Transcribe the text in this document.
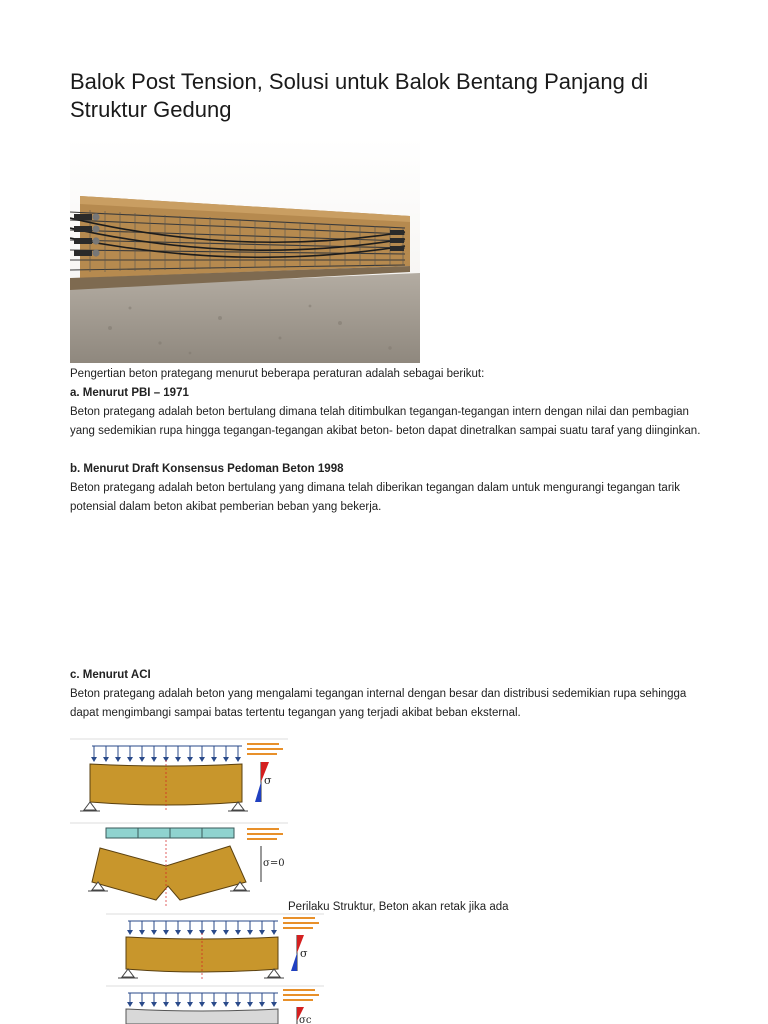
Balok Post Tension, Solusi untuk Balok Bentang Panjang di Struktur Gedung
Pengertian beton prategang menurut beberapa peraturan adalah sebagai berikut:
a. Menurut PBI – 1971
Beton prategang adalah beton bertulang dimana telah ditimbulkan tegangan-tegangan intern dengan nilai dan pembagian yang sedemikian rupa hingga tegangan-tegangan akibat beton- beton dapat dinetralkan sampai suatu taraf yang diinginkan.
b. Menurut Draft Konsensus Pedoman Beton 1998
Beton prategang adalah beton bertulang yang dimana telah diberikan tegangan dalam untuk mengurangi tegangan tarik potensial dalam beton akibat pemberian beban yang bekerja.
c. Menurut ACI
Beton prategang adalah beton yang mengalami tegangan internal dengan besar dan distribusi sedemikian rupa sehingga dapat mengimbangi sampai batas tertentu tegangan yang terjadi akibat beban eksternal.
σ
σ=0
Perilaku Struktur, Beton akan retak jika ada
σ
σc
